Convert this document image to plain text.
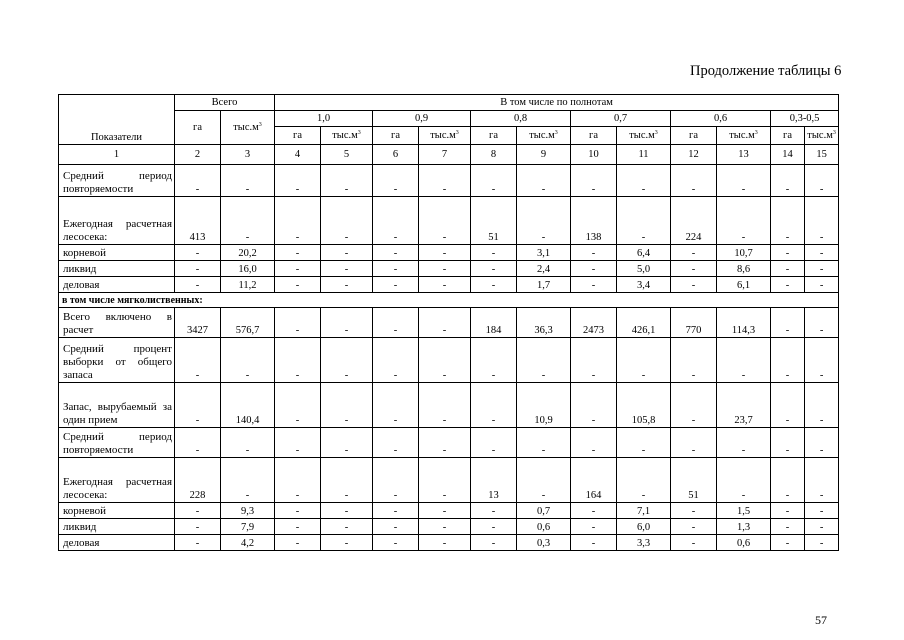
Продолжение таблицы 6
Показатели	Всего		В том числе по полнотам											
	га	$тыс.м^3$	1,0		0,9		0,8		0,7		0,6		0,3-0,5	
			га	$тыс.м^3$	га	$тыс.м^3$	га	$тыс.м^3$	га	$тыс.м^3$	га	$тыс.м^3$	га	$тыс.м^3$
1	2	3	4	5	6	7	8	9	10	11	12	13	14	15
Средний период повторяемости	-	-	-	-	-	-	-	-	-	-	-	-	-	-
Ежегодная расчетная лесосека:	413	-	-	-	-	-	51	-	138	-	224	-	-	-
корневой	-	20,2	-	-	-	-	-	3,1	-	6,4	-	10,7	-	-
ликвид	-	16,0	-	-	-	-	-	2,4	-	5,0	-	8,6	-	-
деловая	-	11,2	-	-	-	-	-	1,7	-	3,4	-	6,1	-	-
в том числе мягколиственных:														
Всего включено в расчет	3427	576,7	-	-	-	-	184	36,3	2473	426,1	770	114,3	-	-
Средний процент выборки от общего запаса	-	-	-	-	-	-	-	-	-	-	-	-	-	-
Запас, вырубаемый за один прием	-	140,4	-	-	-	-	-	10,9	-	105,8	-	23,7	-	-
Средний период повторяемости	-	-	-	-	-	-	-	-	-	-	-	-	-	-
Ежегодная расчетная лесосека:	228	-	-	-	-	-	13	-	164	-	51	-	-	-
корневой	-	9,3	-	-	-	-	-	0,7	-	7,1	-	1,5	-	-
ликвид	-	7,9	-	-	-	-	-	0,6	-	6,0	-	1,3	-	-
деловая	-	4,2	-	-	-	-	-	0,3	-	3,3	-	0,6	-	-
57
